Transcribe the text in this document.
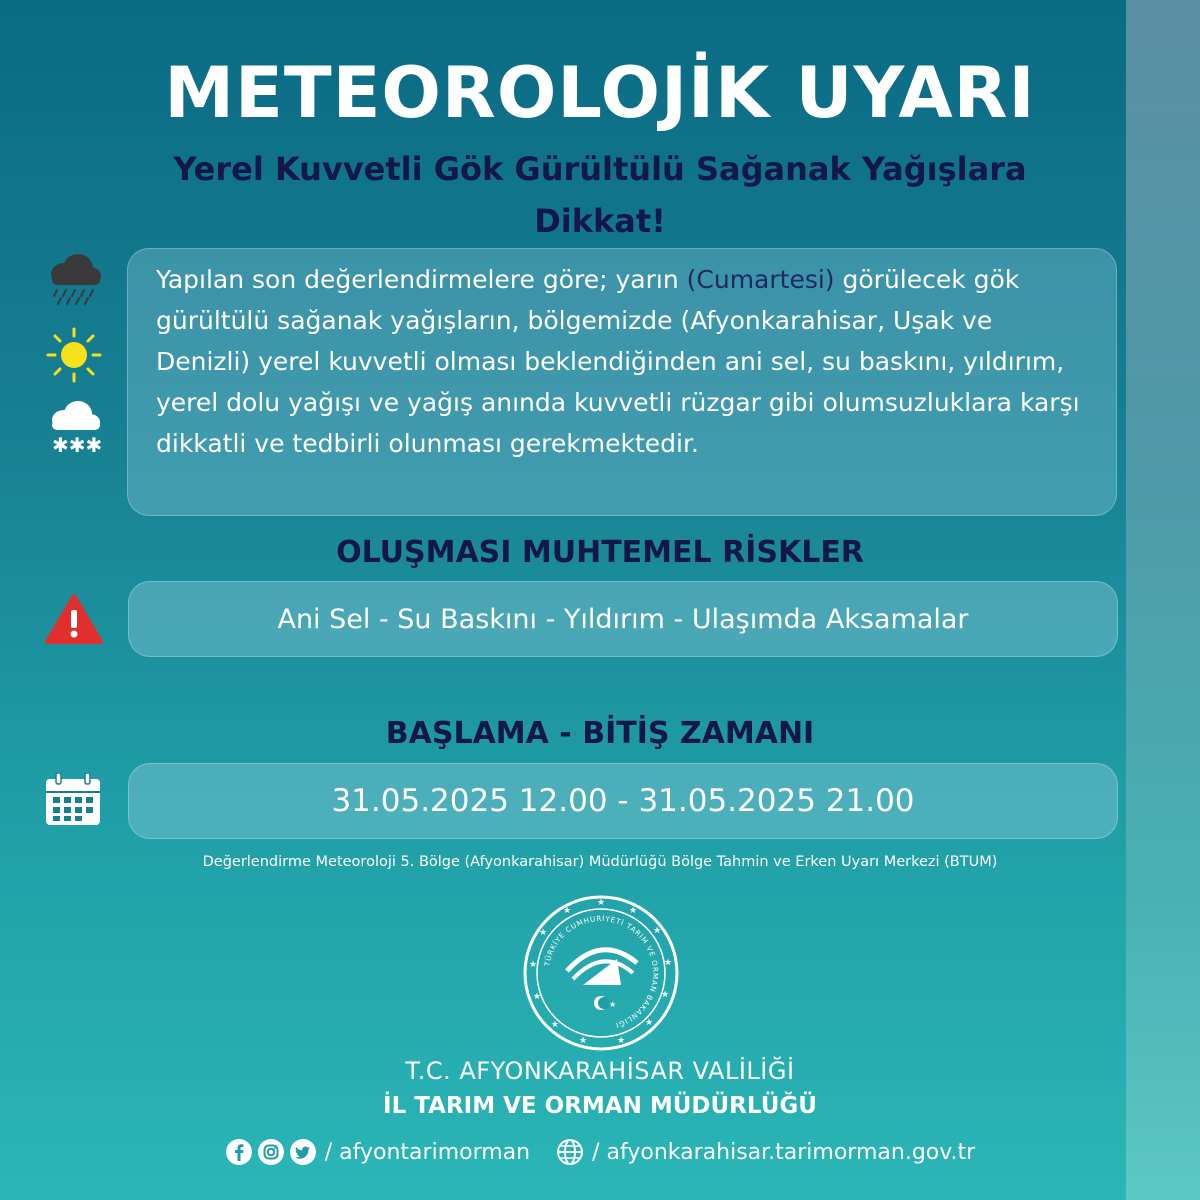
METEOROLOJİK UYARI
Yerel Kuvvetli Gök Gürültülü Sağanak Yağışlara
Dikkat!
✱✱✱
Yapılan son değerlendirmelere göre; yarın (Cumartesi) görülecek gök gürültülü sağanak yağışların, bölgemizde (Afyonkarahisar, Uşak ve Denizli) yerel kuvvetli olması beklendiğinden ani sel, su baskını, yıldırım, yerel dolu yağışı ve yağış anında kuvvetli rüzgar gibi olumsuzluklara karşı dikkatli ve tedbirli olunması gerekmektedir.
OLUŞMASI MUHTEMEL RİSKLER
Ani Sel - Su Baskını - Yıldırım - Ulaşımda Aksamalar
BAŞLAMA - BİTİŞ ZAMANI
31.05.2025 12.00 - 31.05.2025 21.00
Değerlendirme Meteoroloji 5. Bölge (Afyonkarahisar) Müdürlüğü Bölge Tahmin ve Erken Uyarı Merkezi (BTUM)
★
★
★
★
★
★
★
★
★
★
★
★
★
TÜRKİYE CUMHURİYETİ TARIM VE ORMAN BAKANLIĞI
★
T.C. AFYONKARAHİSAR VALİLİĞİ
İL TARIM VE ORMAN MÜDÜRLÜĞÜ
/ afyontarimorman	/ afyonkarahisar.tarimorman.gov.tr
